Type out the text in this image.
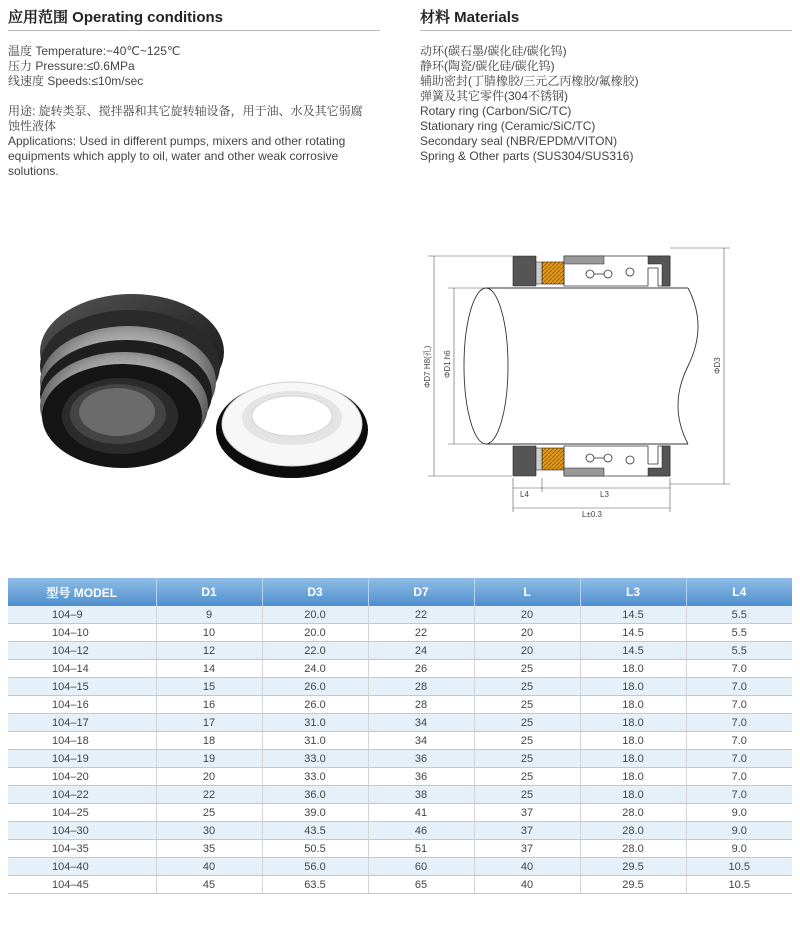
应用范围 Operating conditions
温度 Temperature:−40℃~125℃
压力 Pressure:≤0.6MPa
线速度 Speeds:≤10m/sec
用途: 旋转类泵、搅拌器和其它旋转轴设备，用于油、水及其它弱腐
蚀性液体
Applications: Used in different pumps, mixers and other rotating
equipments which apply to oil, water and other weak corrosive
solutions.
材料 Materials
动环(碳石墨/碳化硅/碳化钨)
静环(陶瓷/碳化硅/碳化钨)
辅助密封(丁腈橡胶/三元乙丙橡胶/氟橡胶)
弹簧及其它零件(304不锈钢)
Rotary ring (Carbon/SiC/TC)
Stationary ring (Ceramic/SiC/TC)
Secondary seal (NBR/EPDM/VITON)
Spring & Other parts (SUS304/SUS316)
ΦD7 H8(孔) ΦD1 h6	ΦD3
L4	L3
L±0.3
型号 MODEL	D1	D3	D7	L	L3	L4
104–9	9	20.0	22	20	14.5	5.5
104–10	10	20.0	22	20	14.5	5.5
104–12	12	22.0	24	20	14.5	5.5
104–14	14	24.0	26	25	18.0	7.0
104–15	15	26.0	28	25	18.0	7.0
104–16	16	26.0	28	25	18.0	7.0
104–17	17	31.0	34	25	18.0	7.0
104–18	18	31.0	34	25	18.0	7.0
104–19	19	33.0	36	25	18.0	7.0
104–20	20	33.0	36	25	18.0	7.0
104–22	22	36.0	38	25	18.0	7.0
104–25	25	39.0	41	37	28.0	9.0
104–30	30	43.5	46	37	28.0	9.0
104–35	35	50.5	51	37	28.0	9.0
104–40	40	56.0	60	40	29.5	10.5
104–45	45	63.5	65	40	29.5	10.5
